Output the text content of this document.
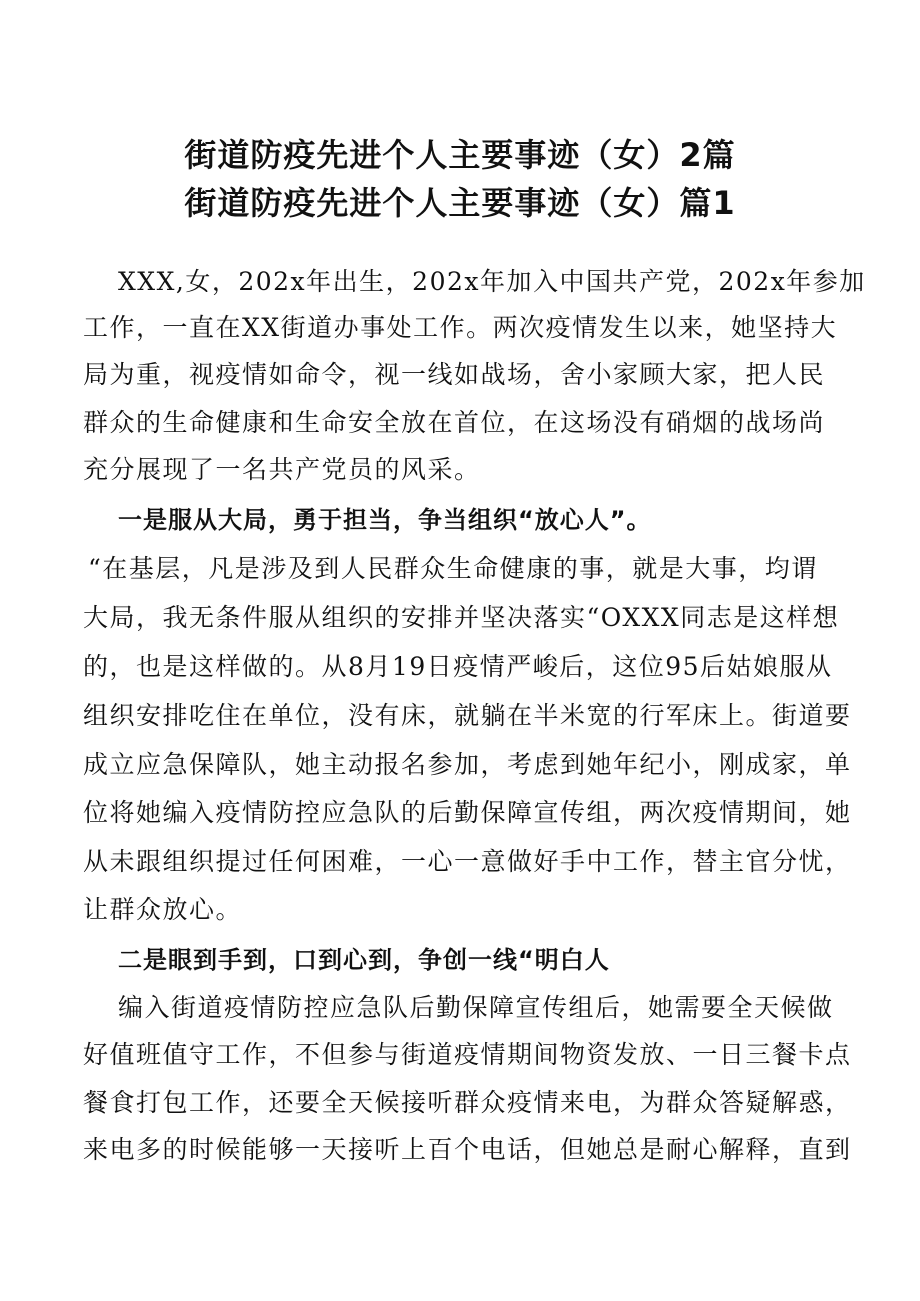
街道防疫先进个人主要事迹（女）2篇
街道防疫先进个人主要事迹（女）篇1
XXX,女，202x年出生，202x年加入中国共产党，202x年参加
工作，一直在XX街道办事处工作。两次疫情发生以来，她坚持大
局为重，视疫情如命令，视一线如战场，舍小家顾大家，把人民
群众的生命健康和生命安全放在首位，在这场没有硝烟的战场尚
充分展现了一名共产党员的风采。
一是服从大局，勇于担当，争当组织“放心人”。
“在基层，凡是涉及到人民群众生命健康的事，就是大事，均谓
大局，我无条件服从组织的安排并坚决落实“OXXX同志是这样想
的，也是这样做的。从8月19日疫情严峻后，这位95后姑娘服从
组织安排吃住在单位，没有床，就躺在半米宽的行军床上。街道要
成立应急保障队，她主动报名参加，考虑到她年纪小，刚成家，单
位将她编入疫情防控应急队的后勤保障宣传组，两次疫情期间，她
从未跟组织提过任何困难，一心一意做好手中工作，替主官分忧，
让群众放心。
二是眼到手到，口到心到，争创一线“明白人
编入街道疫情防控应急队后勤保障宣传组后，她需要全天候做
好值班值守工作，不但参与街道疫情期间物资发放、一日三餐卡点
餐食打包工作，还要全天候接听群众疫情来电，为群众答疑解惑，
来电多的时候能够一天接听上百个电话，但她总是耐心解释，直到
